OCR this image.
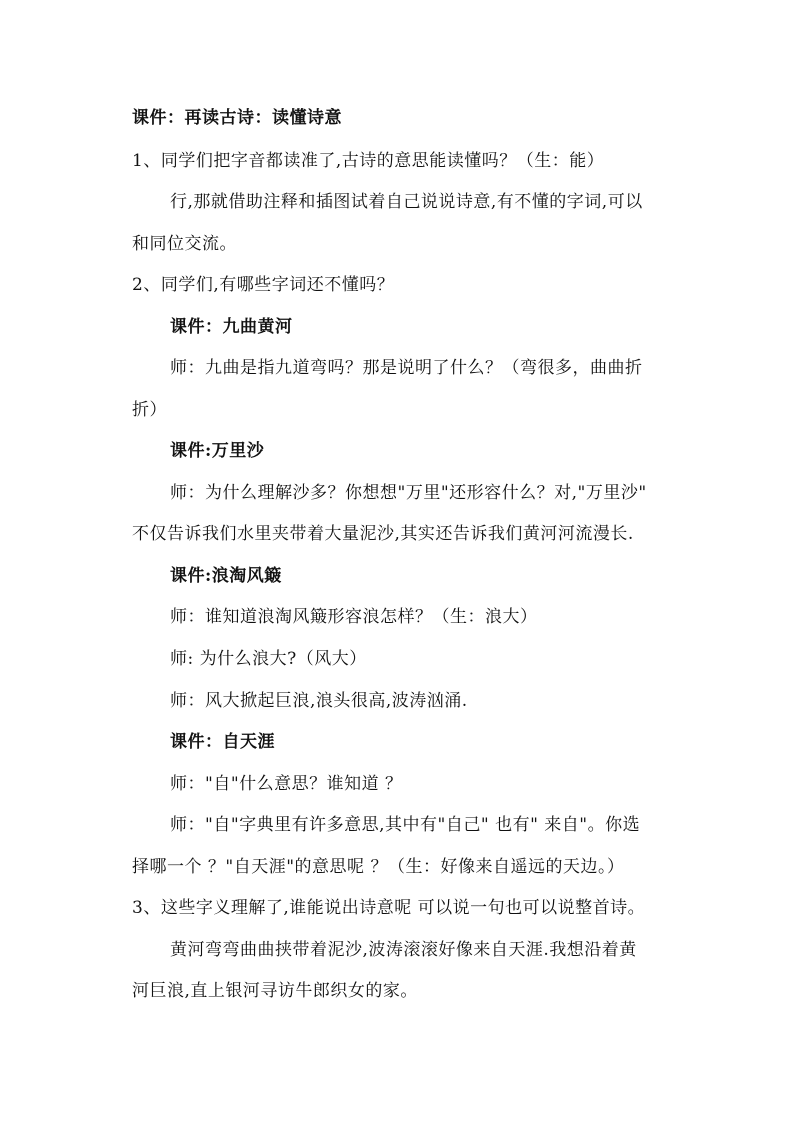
课件：再读古诗：读懂诗意
1、同学们把字音都读准了,古诗的意思能读懂吗？（生：能）
行,那就借助注释和插图试着自己说说诗意,有不懂的字词,可以
和同位交流。
2、同学们,有哪些字词还不懂吗？
课件：九曲黄河
师：九曲是指九道弯吗？那是说明了什么？（弯很多，曲曲折
折）
课件:万里沙
师：为什么理解沙多？你想想"万里"还形容什么？对,"万里沙"
不仅告诉我们水里夹带着大量泥沙,其实还告诉我们黄河河流漫长.
课件:浪淘风簸
师：谁知道浪淘风簸形容浪怎样？（生：浪大）
师: 为什么浪大?（风大）
师：风大掀起巨浪,浪头很高,波涛汹涌.
课件：自天涯
师："自"什么意思？谁知道 ？
师："自"字典里有许多意思,其中有"自己" 也有" 来自"。你选
择哪一个 ？"自天涯"的意思呢 ？（生：好像来自遥远的天边。）
3、这些字义理解了,谁能说出诗意呢 可以说一句也可以说整首诗。
黄河弯弯曲曲挟带着泥沙,波涛滚滚好像来自天涯.我想沿着黄
河巨浪,直上银河寻访牛郎织女的家。
